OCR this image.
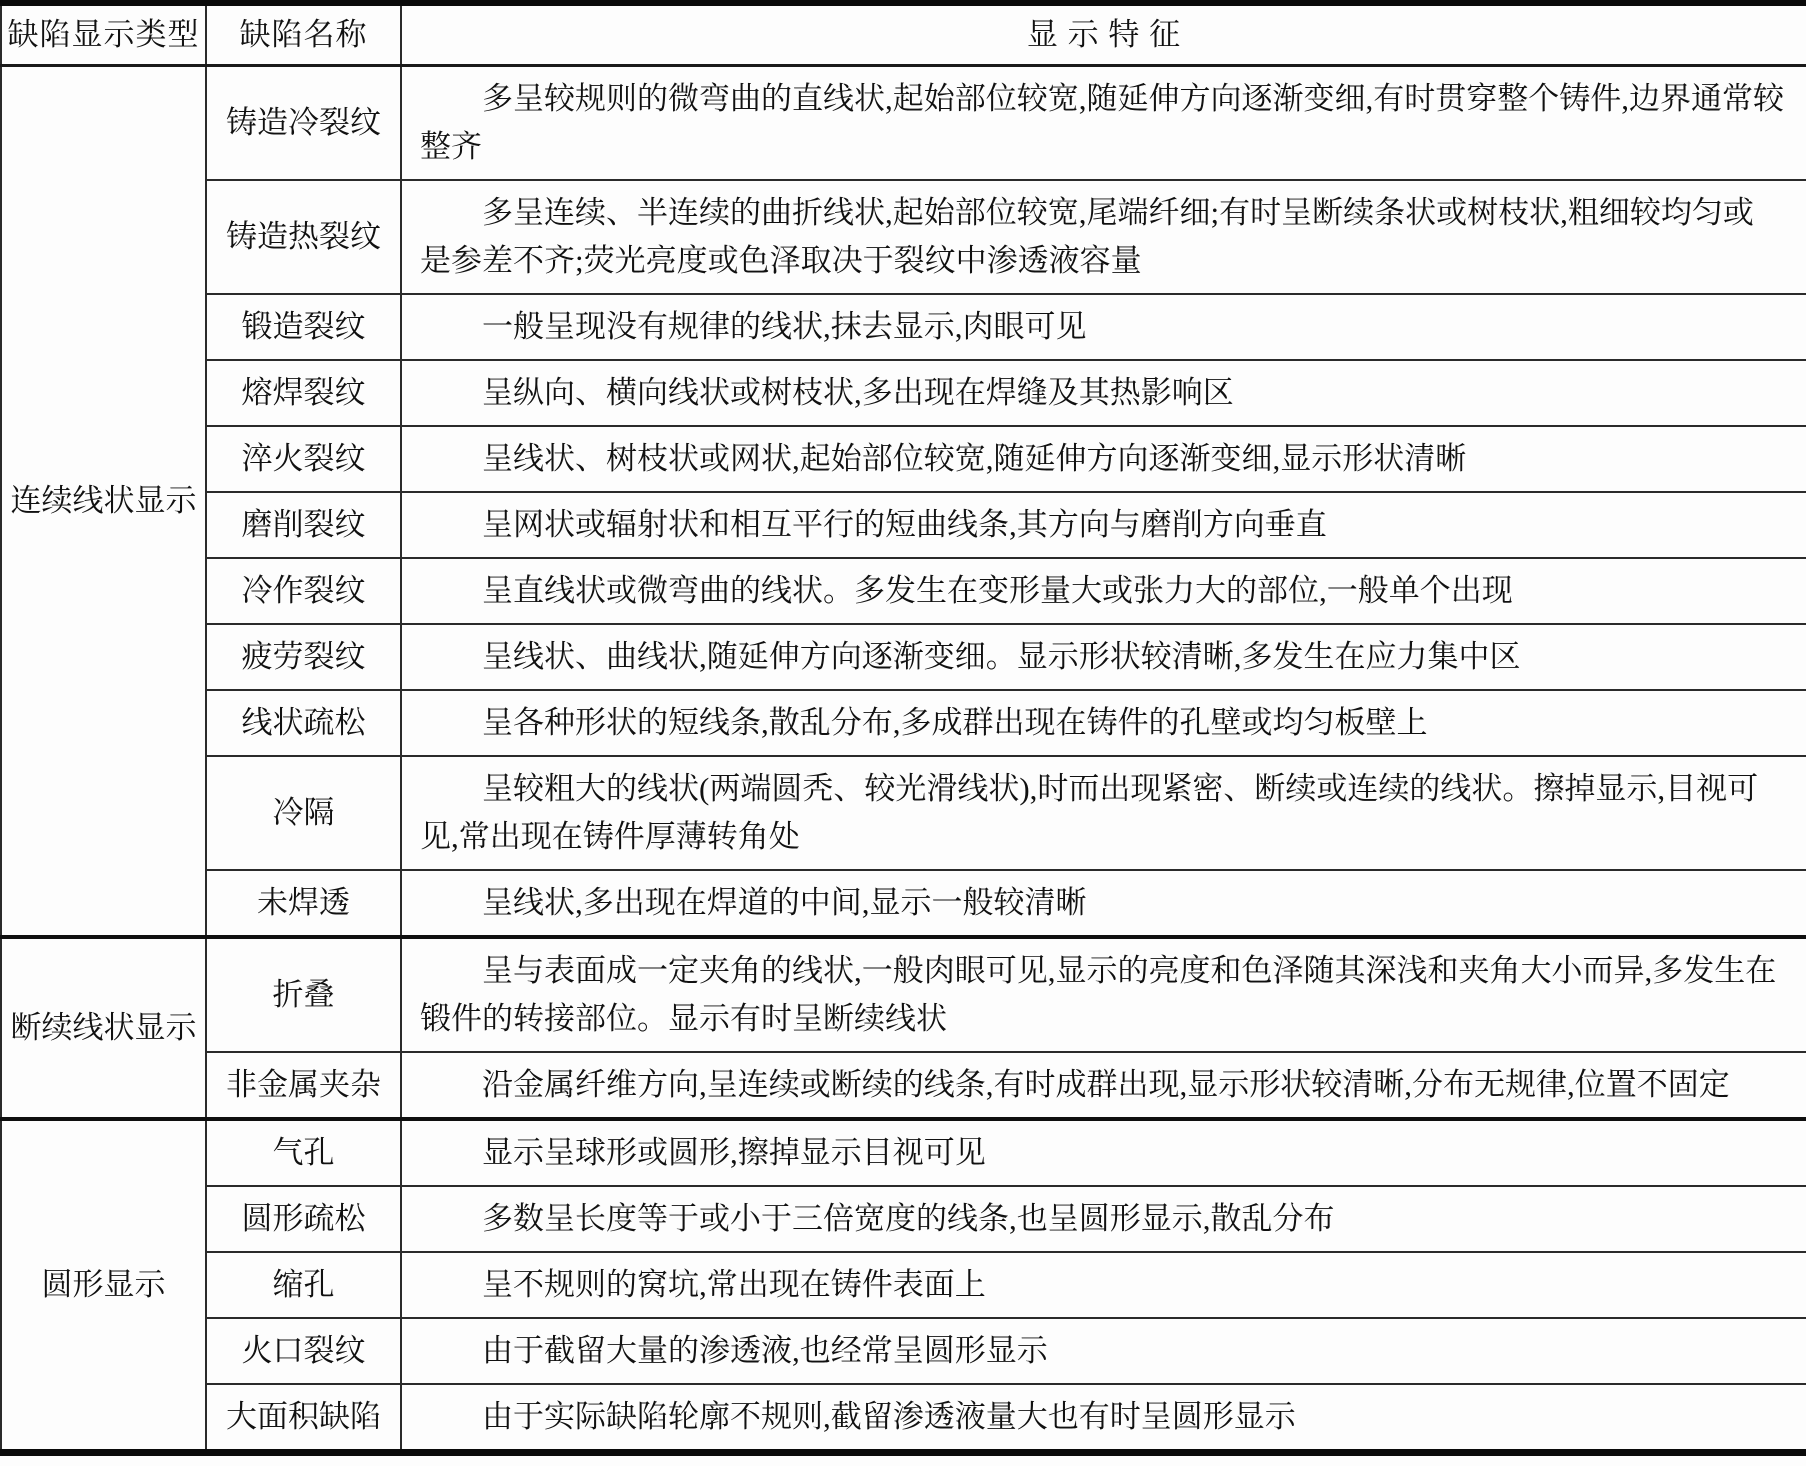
缺陷显示类型	缺陷名称	显 示 特 征
连续线状显示	铸造冷裂纹	多呈较规则的微弯曲的直线状,起始部位较宽,随延伸方向逐渐变细,有时贯穿整个铸件,边界通常较整齐
	铸造热裂纹	多呈连续、半连续的曲折线状,起始部位较宽,尾端纤细;有时呈断续条状或树枝状,粗细较均匀或是参差不齐;荧光亮度或色泽取决于裂纹中渗透液容量
	锻造裂纹	一般呈现没有规律的线状,抹去显示,肉眼可见
	熔焊裂纹	呈纵向、横向线状或树枝状,多出现在焊缝及其热影响区
	淬火裂纹	呈线状、树枝状或网状,起始部位较宽,随延伸方向逐渐变细,显示形状清晰
	磨削裂纹	呈网状或辐射状和相互平行的短曲线条,其方向与磨削方向垂直
	冷作裂纹	呈直线状或微弯曲的线状。多发生在变形量大或张力大的部位,一般单个出现
	疲劳裂纹	呈线状、曲线状,随延伸方向逐渐变细。显示形状较清晰,多发生在应力集中区
	线状疏松	呈各种形状的短线条,散乱分布,多成群出现在铸件的孔壁或均匀板壁上
	冷隔	呈较粗大的线状(两端圆秃、较光滑线状),时而出现紧密、断续或连续的线状。擦掉显示,目视可见,常出现在铸件厚薄转角处
	未焊透	呈线状,多出现在焊道的中间,显示一般较清晰
断续线状显示	折叠	呈与表面成一定夹角的线状,一般肉眼可见,显示的亮度和色泽随其深浅和夹角大小而异,多发生在锻件的转接部位。显示有时呈断续线状
	非金属夹杂	沿金属纤维方向,呈连续或断续的线条,有时成群出现,显示形状较清晰,分布无规律,位置不固定
圆形显示	气孔	显示呈球形或圆形,擦掉显示目视可见
	圆形疏松	多数呈长度等于或小于三倍宽度的线条,也呈圆形显示,散乱分布
	缩孔	呈不规则的窝坑,常出现在铸件表面上
	火口裂纹	由于截留大量的渗透液,也经常呈圆形显示
	大面积缺陷	由于实际缺陷轮廓不规则,截留渗透液量大也有时呈圆形显示
